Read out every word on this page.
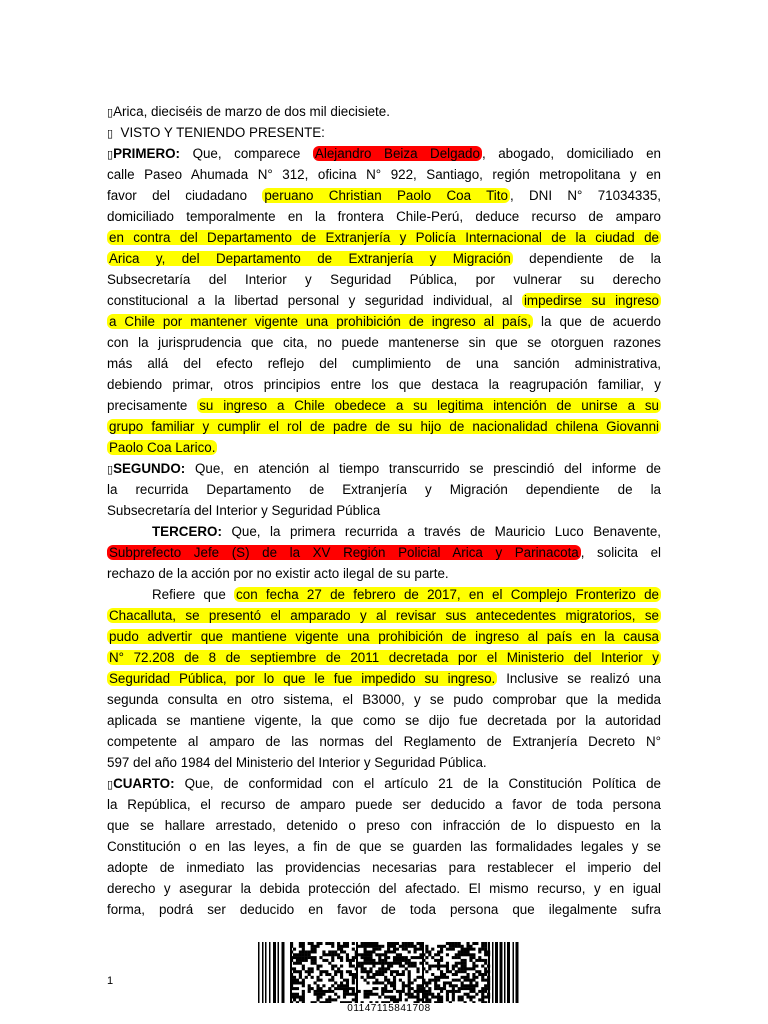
▯Arica, dieciséis de marzo de dos mil diecisiete.
▯ VISTO Y TENIENDO PRESENTE:
▯PRIMERO: Que, comparece Alejandro Beiza Delgado , abogado, domiciliado en
calle Paseo Ahumada N° 312, oficina N° 922, Santiago, región metropolitana y en
favor del ciudadano peruano Christian Paolo Coa Tito , DNI N° 71034335,
domiciliado temporalmente en la frontera Chile-Perú, deduce recurso de amparo
en contra del Departamento de Extranjería y Policía Internacional de la ciudad de
Arica y, del Departamento de Extranjería y Migración dependiente de la
Subsecretaría del Interior y Seguridad Pública, por vulnerar su derecho
constitucional a la libertad personal y seguridad individual, al impedirse su ingreso
a Chile por mantener vigente una prohibición de ingreso al país, la que de acuerdo
con la jurisprudencia que cita, no puede mantenerse sin que se otorguen razones
más allá del efecto reflejo del cumplimiento de una sanción administrativa,
debiendo primar, otros principios entre los que destaca la reagrupación familiar, y
precisamente su ingreso a Chile obedece a su legitima intención de unirse a su
grupo familiar y cumplir el rol de padre de su hijo de nacionalidad chilena Giovanni
Paolo Coa Larico.
▯SEGUNDO: Que, en atención al tiempo transcurrido se prescindió del informe de
la recurrida Departamento de Extranjería y Migración dependiente de la
Subsecretaría del Interior y Seguridad Pública
TERCERO: Que, la primera recurrida a través de Mauricio Luco Benavente,
Subprefecto Jefe (S) de la XV Región Policial Arica y Parinacota , solicita el
rechazo de la acción por no existir acto ilegal de su parte.
Refiere que con fecha 27 de febrero de 2017, en el Complejo Fronterizo de
Chacalluta, se presentó el amparado y al revisar sus antecedentes migratorios, se
pudo advertir que mantiene vigente una prohibición de ingreso al país en la causa
N° 72.208 de 8 de septiembre de 2011 decretada por el Ministerio del Interior y
Seguridad Pública, por lo que le fue impedido su ingreso. Inclusive se realizó una
segunda consulta en otro sistema, el B3000, y se pudo comprobar que la medida
aplicada se mantiene vigente, la que como se dijo fue decretada por la autoridad
competente al amparo de las normas del Reglamento de Extranjería Decreto N°
597 del año 1984 del Ministerio del Interior y Seguridad Pública.
▯CUARTO: Que, de conformidad con el artículo 21 de la Constitución Política de
la República, el recurso de amparo puede ser deducido a favor de toda persona
que se hallare arrestado, detenido o preso con infracción de lo dispuesto en la
Constitución o en las leyes, a fin de que se guarden las formalidades legales y se
adopte de inmediato las providencias necesarias para restablecer el imperio del
derecho y asegurar la debida protección del afectado. El mismo recurso, y en igual
forma, podrá ser deducido en favor de toda persona que ilegalmente sufra
1
01147115841708
